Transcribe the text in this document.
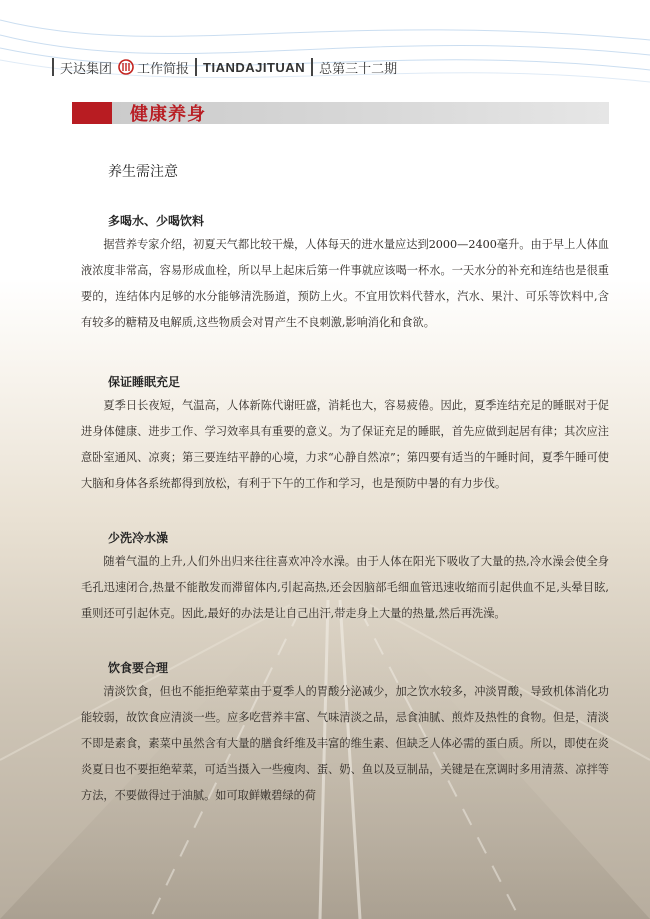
天达集团 工作简报 TIANDAJITUAN 总第三十二期
健康养身
养生需注意
多喝水、少喝饮料
据营养专家介绍，初夏天气都比较干燥，人体每天的进水量应达到2000—2400毫升。由于早上人体血液浓度非常高，容易形成血栓，所以早上起床后第一件事就应该喝一杯水。一天水分的补充和连结也是很重要的，连结体内足够的水分能够清洗肠道，预防上火。不宜用饮料代替水，汽水、果汁、可乐等饮料中,含有较多的糖精及电解质,这些物质会对胃产生不良刺激,影响消化和食欲。
保证睡眠充足
夏季日长夜短，气温高，人体新陈代谢旺盛，消耗也大，容易疲倦。因此，夏季连结充足的睡眠对于促进身体健康、进步工作、学习效率具有重要的意义。为了保证充足的睡眠，首先应做到起居有律；其次应注意卧室通风、凉爽；第三要连结平静的心境，力求“心静自然凉”；第四要有适当的午睡时间，夏季午睡可使大脑和身体各系统都得到放松，有利于下午的工作和学习，也是预防中暑的有力步伐。
少洗冷水澡
随着气温的上升,人们外出归来往往喜欢冲冷水澡。由于人体在阳光下吸收了大量的热,冷水澡会使全身毛孔迅速闭合,热量不能散发而滞留体内,引起高热,还会因脑部毛细血管迅速收缩而引起供血不足,头晕目眩,重则还可引起休克。因此,最好的办法是让自己出汗,带走身上大量的热量,然后再洗澡。
饮食要合理
清淡饮食，但也不能拒绝荤菜由于夏季人的胃酸分泌减少，加之饮水较多，冲淡胃酸，导致机体消化功能较弱，故饮食应清淡一些。应多吃营养丰富、气味清淡之品，忌食油腻、煎炸及热性的食物。但是，清淡不即是素食，素菜中虽然含有大量的膳食纤维及丰富的维生素、但缺乏人体必需的蛋白质。所以，即使在炎炎夏日也不要拒绝荤菜，可适当摄入一些瘦肉、蛋、奶、鱼以及豆制品，关键是在烹调时多用清蒸、凉拌等方法，不要做得过于油腻。如可取鲜嫩碧绿的荷
